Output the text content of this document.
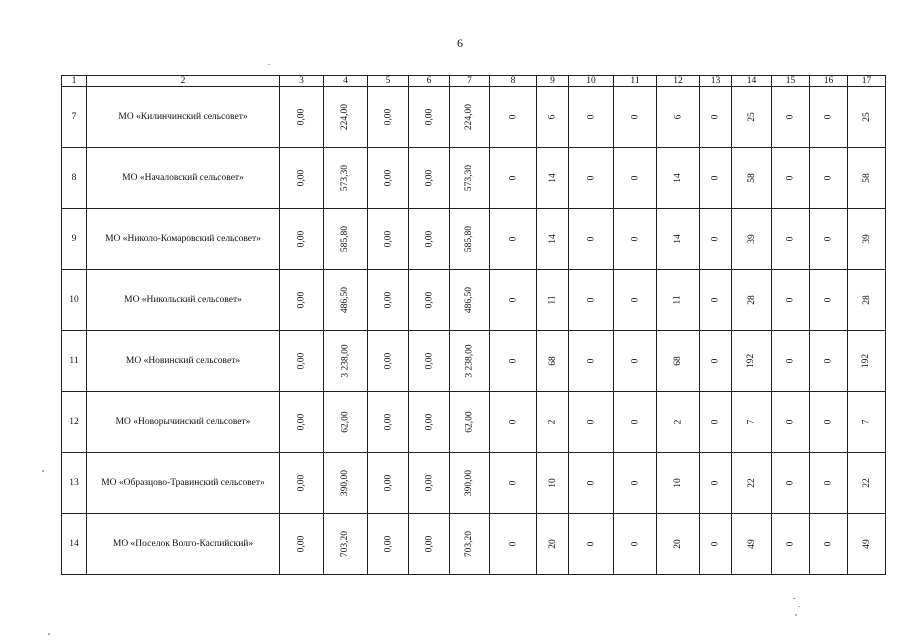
6
1	2	3	4	5	6	7	8	9	10	11	12	13	14	15	16	17
7	МО «Килинчинский сельсовет»	0,00	224,00	0,00	0,00	224,00	0	6	0	0	6	0	25	0	0	25
8	МО «Началовский сельсовет»	0,00	573,30	0,00	0,00	573,30	0	14	0	0	14	0	58	0	0	58
9	МО «Николо-Комаровский сельсовет»	0,00	585,80	0,00	0,00	585,80	0	14	0	0	14	0	39	0	0	39
10	МО «Никольский сельсовет»	0,00	486,50	0,00	0,00	486,50	0	11	0	0	11	0	28	0	0	28
11	МО «Новинский сельсовет»	0,00	3 238,00	0,00	0,00	3 238,00	0	68	0	0	68	0	192	0	0	192
12	МО «Новорычинский сельсовет»	0,00	62,00	0,00	0,00	62,00	0	2	0	0	2	0	7	0	0	7
13	МО «Образцово-Травинский сельсовет»	0,00	390,00	0,00	0,00	390,00	0	10	0	0	10	0	22	0	0	22
14	МО «Поселок Волго-Каспийский»	0,00	703,20	0,00	0,00	703,20	0	20	0	0	20	0	49	0	0	49
